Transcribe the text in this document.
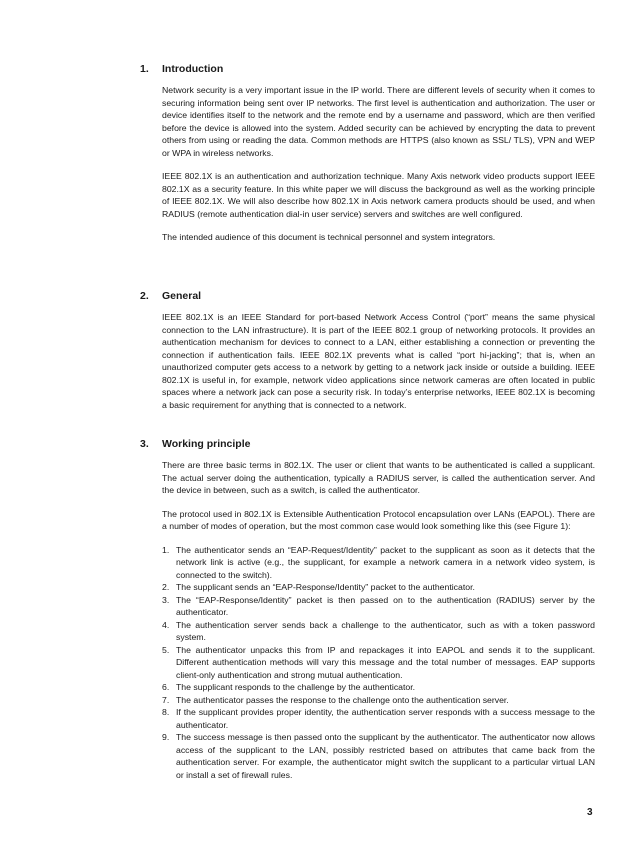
1. Introduction

Network security is a very important issue in the IP world. There are different levels of security when it comes to securing information being sent over IP networks. The first level is authentication and authorization. The user or device identifies itself to the network and the remote end by a username and password, which are then verified before the device is allowed into the system. Added security can be achieved by encrypting the data to prevent others from using or reading the data. Common methods are HTTPS (also known as SSL/ TLS), VPN and WEP or WPA in wireless networks.

IEEE 802.1X is an authentication and authorization technique. Many Axis network video products support IEEE 802.1X as a security feature. In this white paper we will discuss the background as well as the working principle of IEEE 802.1X. We will also describe how 802.1X in Axis network camera products should be used, and when RADIUS (remote authentication dial-in user service) servers and switches are well configured.

The intended audience of this document is technical personnel and system integrators.

2. General

IEEE 802.1X is an IEEE Standard for port-based Network Access Control (“port” means the same physical connection to the LAN infrastructure). It is part of the IEEE 802.1 group of networking protocols. It provides an authentication mechanism for devices to connect to a LAN, either establishing a connection or preventing the connection if authentication fails. IEEE 802.1X prevents what is called “port hi-jacking”; that is, when an unauthorized computer gets access to a network by getting to a network jack inside or outside a building. IEEE 802.1X is useful in, for example, network video applications since network cameras are often located in public spaces where a network jack can pose a security risk. In today’s enterprise networks, IEEE 802.1X is becoming a basic requirement for anything that is connected to a network.

3. Working principle

There are three basic terms in 802.1X. The user or client that wants to be authenticated is called a supplicant. The actual server doing the authentication, typically a RADIUS server, is called the authentication server. And the device in between, such as a switch, is called the authenticator.

The protocol used in 802.1X is Extensible Authentication Protocol encapsulation over LANs (EAPOL). There are a number of modes of operation, but the most common case would look something like this (see Figure 1):

1. The authenticator sends an “EAP-Request/Identity” packet to the supplicant as soon as it detects that the network link is active (e.g., the supplicant, for example a network camera in a network video system, is connected to the switch).
2. The supplicant sends an “EAP-Response/Identity” packet to the authenticator.
3. The “EAP-Response/Identity” packet is then passed on to the authentication (RADIUS) server by the authenticator.
4. The authentication server sends back a challenge to the authenticator, such as with a token password system.
5. The authenticator unpacks this from IP and repackages it into EAPOL and sends it to the supplicant. Different authentication methods will vary this message and the total number of messages. EAP supports client-only authentication and strong mutual authentication.
6. The supplicant responds to the challenge by the authenticator.
7. The authenticator passes the response to the challenge onto the authentication server.
8. If the supplicant provides proper identity, the authentication server responds with a success message to the authenticator.
9. The success message is then passed onto the supplicant by the authenticator. The authenticator now allows access of the supplicant to the LAN, possibly restricted based on attributes that came back from the authentication server. For example, the authenticator might switch the supplicant to a particular virtual LAN or install a set of firewall rules.
3
